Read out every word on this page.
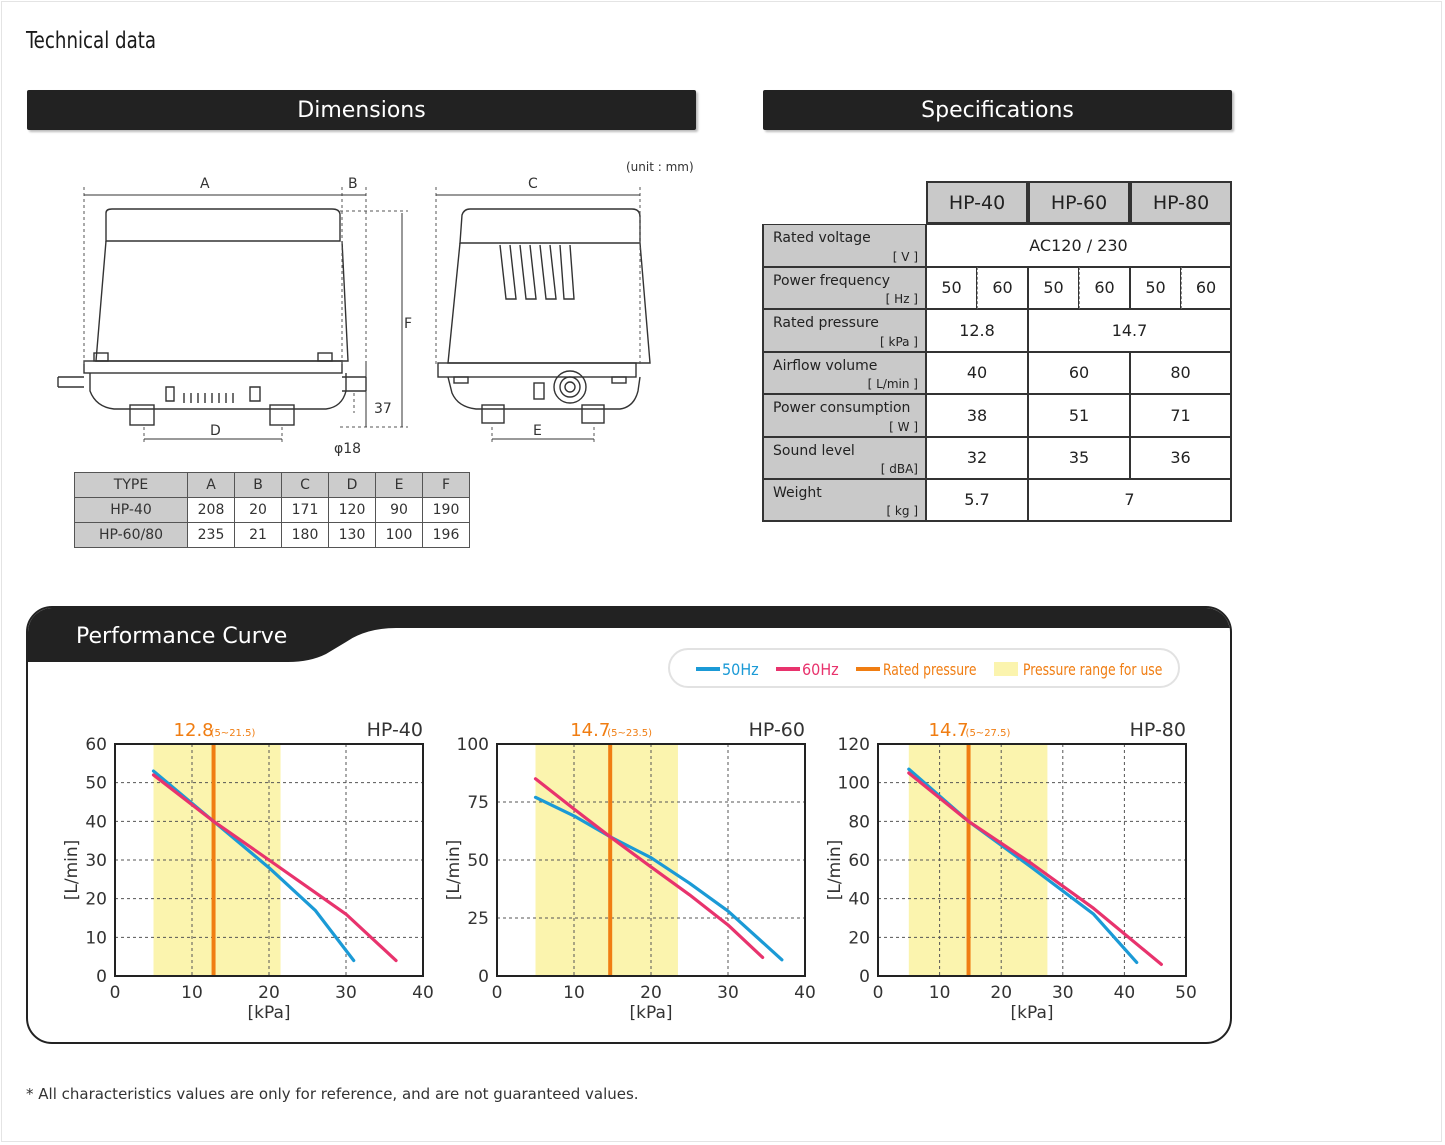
Technical data
Dimensions
(unit : mm)
A	B	C
F
37
D	E
φ18
TYPE	A	B	C	D	E	F
HP-40	208	20	171	120	90	190
HP-60/80	235	21	180	130	100	196
Specifications
HP-40	HP-60	HP-80
Rated voltage
[ V ]
AC120 / 230
Power frequency
[ Hz ]
50	60	50	60	50	60
Rated pressure
[ kPa ]
12.8	14.7
Airflow volume
[ L/min ]
40	60	80
Power consumption
[ W ]
38	51	71
Sound level
[ dBA]
32	35	36
Weight
[ kg ]
5.7	7
Performance Curve
50Hz	60Hz	Rated pressure	Pressure range for use
0	10	20	30	40
0
10
20
30
40
50
60
[kPa]
[L/min]
HP-40
12.8
(5~21.5)
0	10	20	30	40
0
25
50
75
100
[kPa]
[L/min]
HP-60
14.7
(5~23.5)
0	10 20 30 40 50
0
20
40
60
80
100
120
[kPa]
[L/min]
HP-80
14.7
(5~27.5)
* All characteristics values are only for reference, and are not guaranteed values.
